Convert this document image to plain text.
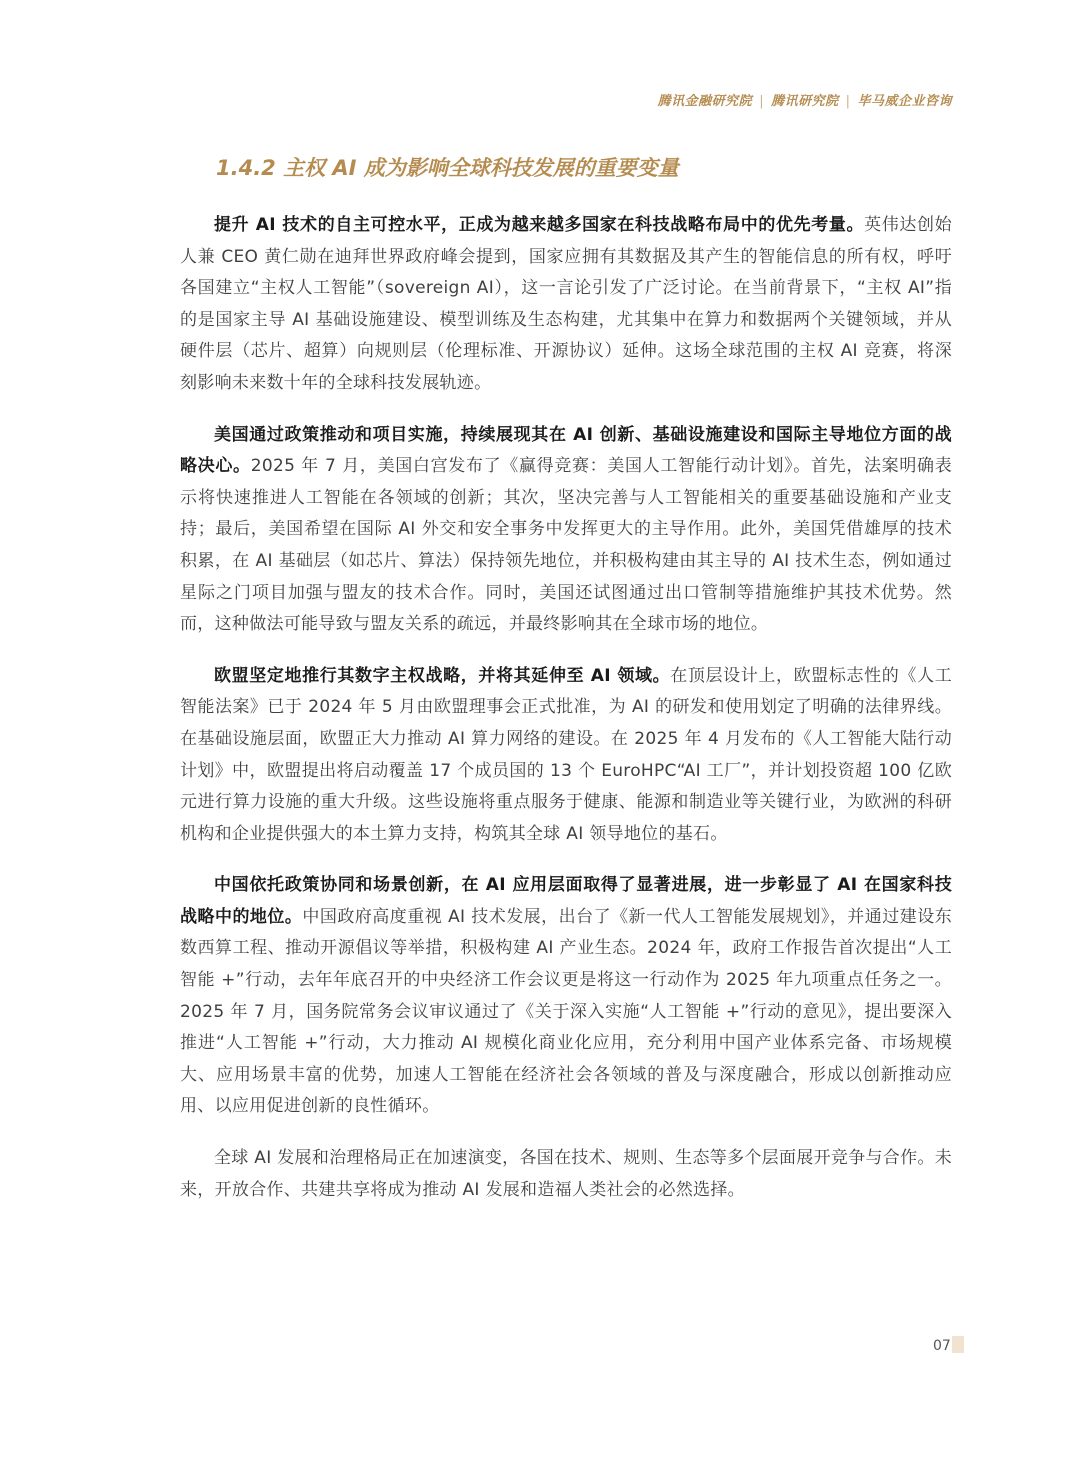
腾讯金融研究院 | 腾讯研究院 | 毕马威企业咨询
1.4.2 主权 AI 成为影响全球科技发展的重要变量

提升 AI 技术的自主可控水平，正成为越来越多国家在科技战略布局中的优先考量。英伟达创始人兼 CEO 黄仁勋在迪拜世界政府峰会提到，国家应拥有其数据及其产生的智能信息的所有权，呼吁各国建立“主权人工智能”（sovereign AI），这一言论引发了广泛讨论。在当前背景下，“主权 AI”指的是国家主导 AI 基础设施建设、模型训练及生态构建，尤其集中在算力和数据两个关键领域，并从硬件层（芯片、超算）向规则层（伦理标准、开源协议）延伸。这场全球范围的主权 AI 竞赛，将深刻影响未来数十年的全球科技发展轨迹。

美国通过政策推动和项目实施，持续展现其在 AI 创新、基础设施建设和国际主导地位方面的战略决心。2025 年 7 月，美国白宫发布了《赢得竞赛：美国人工智能行动计划》。首先，法案明确表示将快速推进人工智能在各领域的创新；其次，坚决完善与人工智能相关的重要基础设施和产业支持；最后，美国希望在国际 AI 外交和安全事务中发挥更大的主导作用。此外，美国凭借雄厚的技术积累，在 AI 基础层（如芯片、算法）保持领先地位，并积极构建由其主导的 AI 技术生态，例如通过星际之门项目加强与盟友的技术合作。同时，美国还试图通过出口管制等措施维护其技术优势。然而，这种做法可能导致与盟友关系的疏远，并最终影响其在全球市场的地位。

欧盟坚定地推行其数字主权战略，并将其延伸至 AI 领域。在顶层设计上，欧盟标志性的《人工智能法案》已于 2024 年 5 月由欧盟理事会正式批准，为 AI 的研发和使用划定了明确的法律界线。在基础设施层面，欧盟正大力推动 AI 算力网络的建设。在 2025 年 4 月发布的《人工智能大陆行动计划》中，欧盟提出将启动覆盖 17 个成员国的 13 个 EuroHPC“AI 工厂”，并计划投资超 100 亿欧元进行算力设施的重大升级。这些设施将重点服务于健康、能源和制造业等关键行业，为欧洲的科研机构和企业提供强大的本土算力支持，构筑其全球 AI 领导地位的基石。

中国依托政策协同和场景创新，在 AI 应用层面取得了显著进展，进一步彰显了 AI 在国家科技战略中的地位。中国政府高度重视 AI 技术发展，出台了《新一代人工智能发展规划》，并通过建设东数西算工程、推动开源倡议等举措，积极构建 AI 产业生态。2024 年，政府工作报告首次提出“人工智能 +”行动，去年年底召开的中央经济工作会议更是将这一行动作为 2025 年九项重点任务之一。2025 年 7 月，国务院常务会议审议通过了《关于深入实施“人工智能 +”行动的意见》，提出要深入推进“人工智能 +”行动，大力推动 AI 规模化商业化应用，充分利用中国产业体系完备、市场规模大、应用场景丰富的优势，加速人工智能在经济社会各领域的普及与深度融合，形成以创新推动应用、以应用促进创新的良性循环。

全球 AI 发展和治理格局正在加速演变，各国在技术、规则、生态等多个层面展开竞争与合作。未来，开放合作、共建共享将成为推动 AI 发展和造福人类社会的必然选择。

07
